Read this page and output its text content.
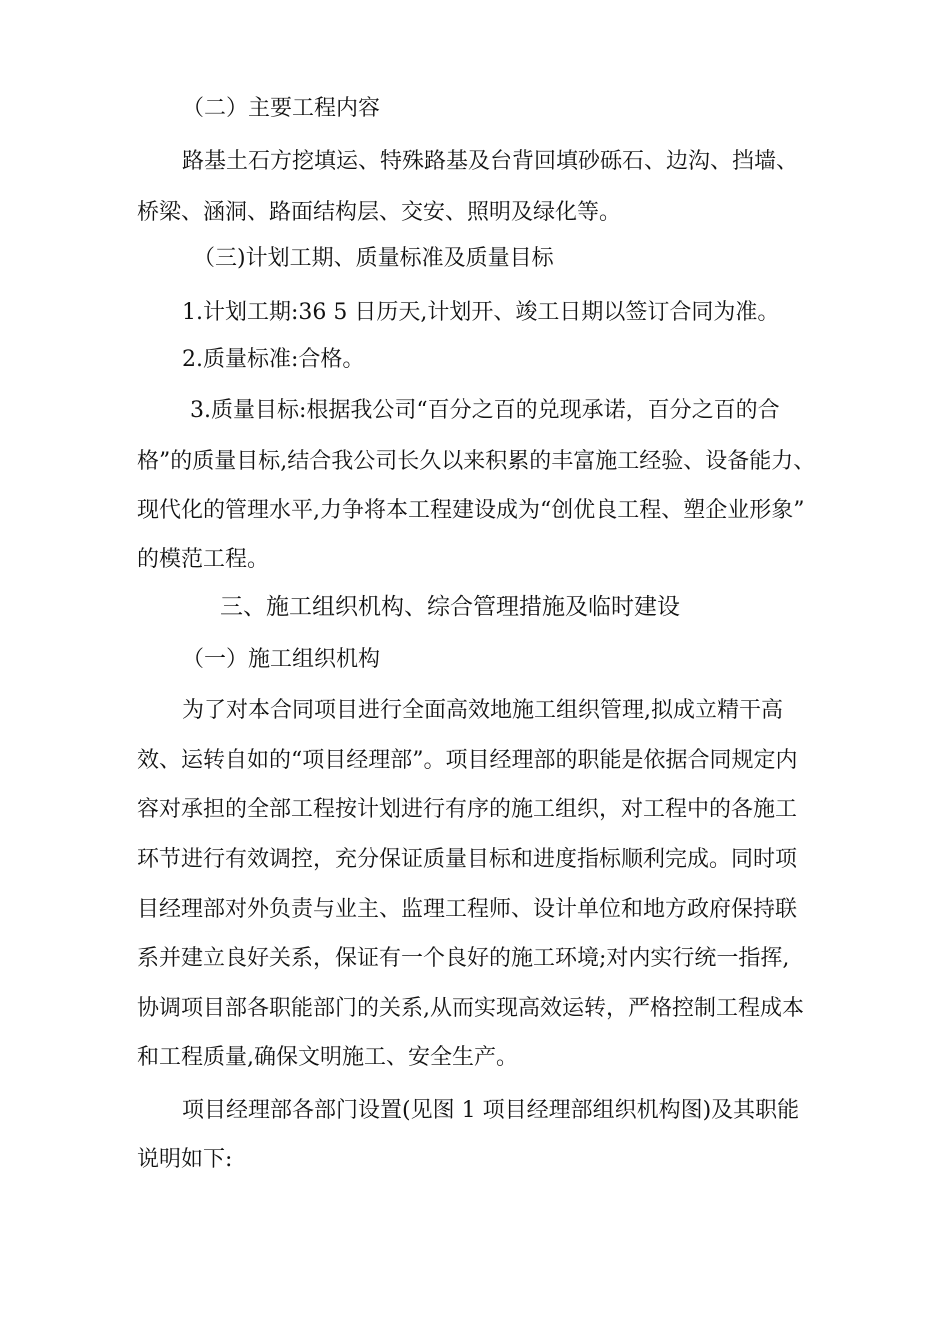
（二）主要工程内容
路基土石方挖填运、特殊路基及台背回填砂砾石、边沟、挡墙、
桥梁、涵洞、路面结构层、交安、照明及绿化等。
（三)计划工期、质量标准及质量目标
1.计划工期:36 5 日历天,计划开、竣工日期以签订合同为准。
2.质量标准:合格。
3.质量目标:根据我公司“百分之百的兑现承诺，百分之百的合
格”的质量目标,结合我公司长久以来积累的丰富施工经验、设备能力、
现代化的管理水平,力争将本工程建设成为“创优良工程、塑企业形象”
的模范工程。
三、施工组织机构、综合管理措施及临时建设
（一）施工组织机构
为了对本合同项目进行全面高效地施工组织管理,拟成立精干高
效、运转自如的“项目经理部”。项目经理部的职能是依据合同规定内
容对承担的全部工程按计划进行有序的施工组织，对工程中的各施工
环节进行有效调控，充分保证质量目标和进度指标顺利完成。同时项
目经理部对外负责与业主、监理工程师、设计单位和地方政府保持联
系并建立良好关系，保证有一个良好的施工环境;对内实行统一指挥,
协调项目部各职能部门的关系,从而实现高效运转，严格控制工程成本
和工程质量,确保文明施工、安全生产。
项目经理部各部门设置(见图 1 项目经理部组织机构图)及其职能
说明如下:
